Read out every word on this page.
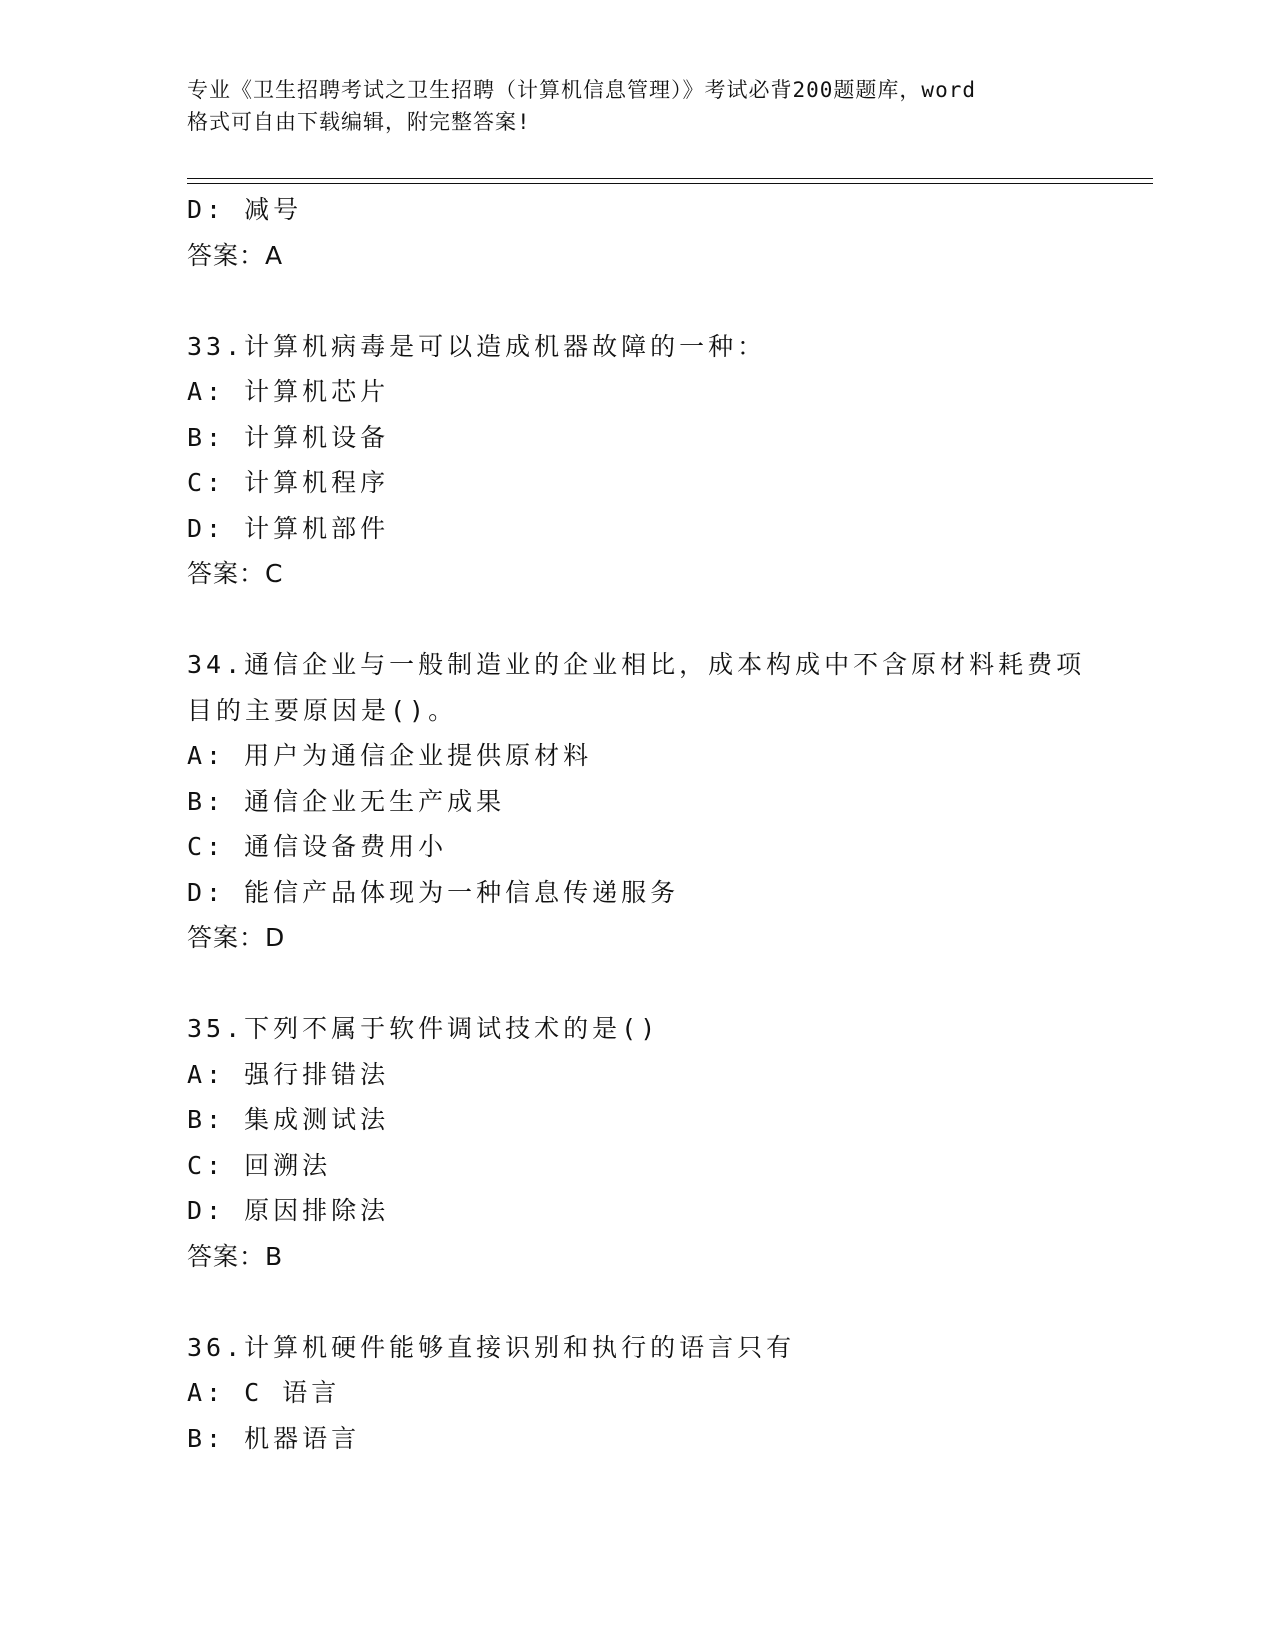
专业《卫生招聘考试之卫生招聘（计算机信息管理）》考试必背200题题库，word
格式可自由下载编辑，附完整答案!
D: 减号
答案：A
33.计算机病毒是可以造成机器故障的一种：
A: 计算机芯片
B: 计算机设备
C: 计算机程序
D: 计算机部件
答案：C
34.通信企业与一般制造业的企业相比，成本构成中不含原材料耗费项
目的主要原因是()。
A: 用户为通信企业提供原材料
B: 通信企业无生产成果
C: 通信设备费用小
D: 能信产品体现为一种信息传递服务
答案：D
35.下列不属于软件调试技术的是()
A: 强行排错法
B: 集成测试法
C: 回溯法
D: 原因排除法
答案：B
36.计算机硬件能够直接识别和执行的语言只有
A: C 语言
B: 机器语言
